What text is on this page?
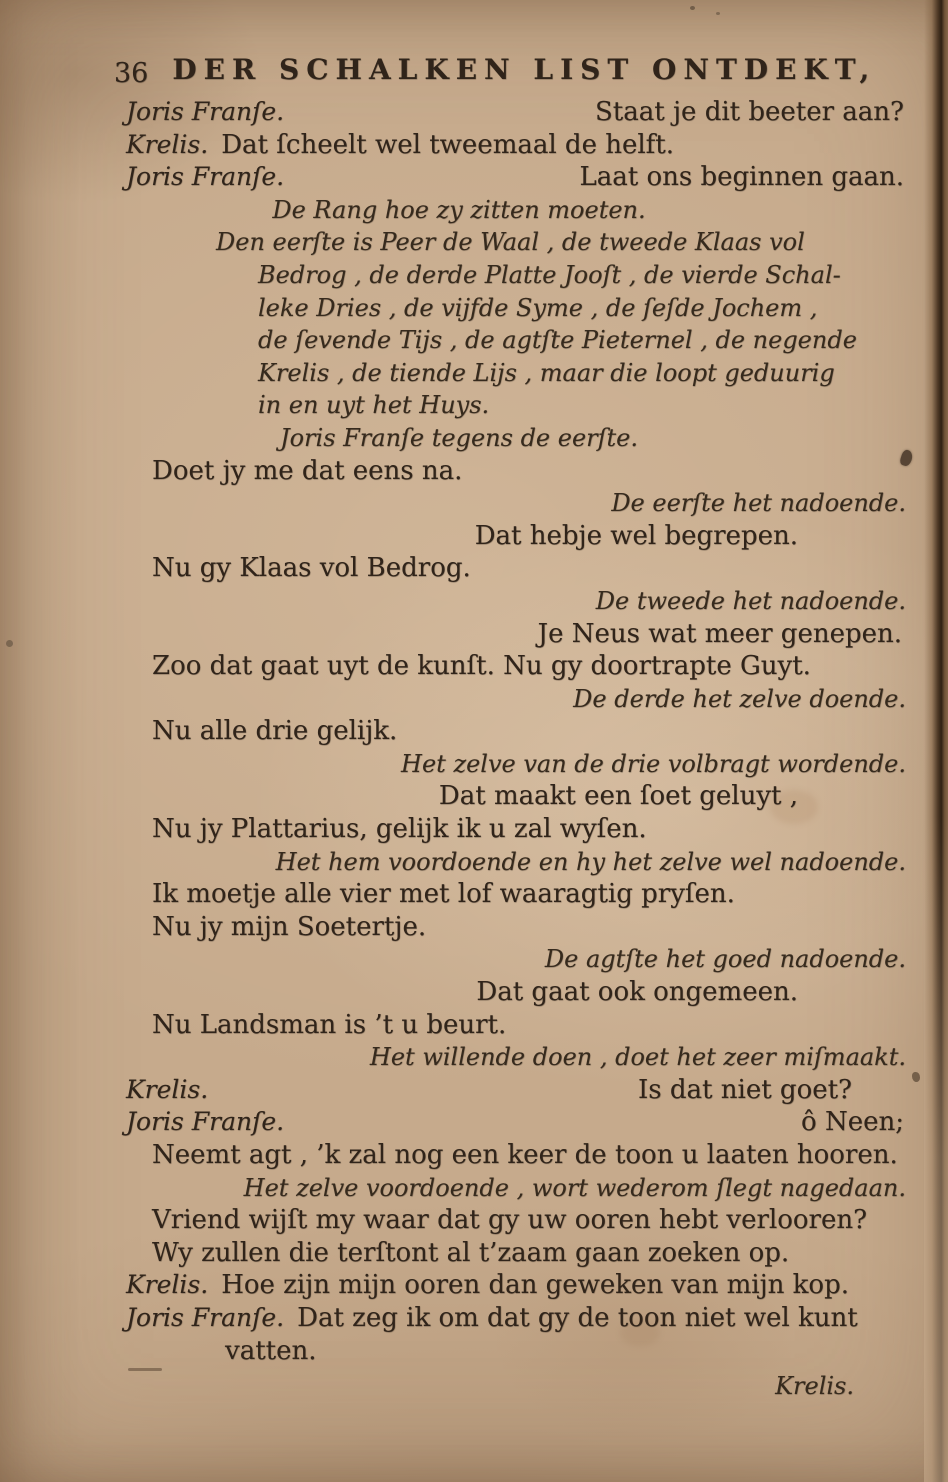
36 DER SCHALKEN LIST ONTDEKT,
Joris Franſe.	Staat je dit beeter aan?
Krelis. Dat ſcheelt wel tweemaal de helft.
Joris Franſe.	Laat ons beginnen gaan.
De Rang hoe zy zitten moeten.
Den eerſte is Peer de Waal , de tweede Klaas vol
Bedrog , de derde Platte Jooſt , de vierde Schal-
leke Dries , de vijfde Syme , de ſeſde Jochem ,
de ſevende Tijs , de agtſte Pieternel , de negende
Krelis , de tiende Lijs , maar die loopt geduurig
in en uyt het Huys.
Joris Franſe tegens de eerſte.
Doet jy me dat eens na.
De eerſte het nadoende.
Dat hebje wel begrepen.
Nu gy Klaas vol Bedrog.
De tweede het nadoende.
Je Neus wat meer genepen.
Zoo dat gaat uyt de kunſt. Nu gy doortrapte Guyt.
De derde het zelve doende.
Nu alle drie gelijk.
Het zelve van de drie volbragt wordende.
Dat maakt een ſoet geluyt ,
Nu jy Plattarius, gelijk ik u zal wyſen.
Het hem voordoende en hy het zelve wel nadoende.
Ik moetje alle vier met lof waaragtig pryſen.
Nu jy mijn Soetertje.
De agtſte het goed nadoende.
Dat gaat ook ongemeen.
Nu Landsman is ’t u beurt.
Het willende doen , doet het zeer miſmaakt.
Krelis.	Is dat niet goet?
Joris Franſe.	ô Neen;
Neemt agt , ’k zal nog een keer de toon u laaten hooren.
Het zelve voordoende , wort wederom ſlegt nagedaan.
Vriend wijſt my waar dat gy uw ooren hebt verlooren?
Wy zullen die terſtont al t’zaam gaan zoeken op.
Krelis. Hoe zijn mijn ooren dan geweken van mijn kop.
Joris Franſe. Dat zeg ik om dat gy de toon niet wel kunt
vatten.
Krelis.
